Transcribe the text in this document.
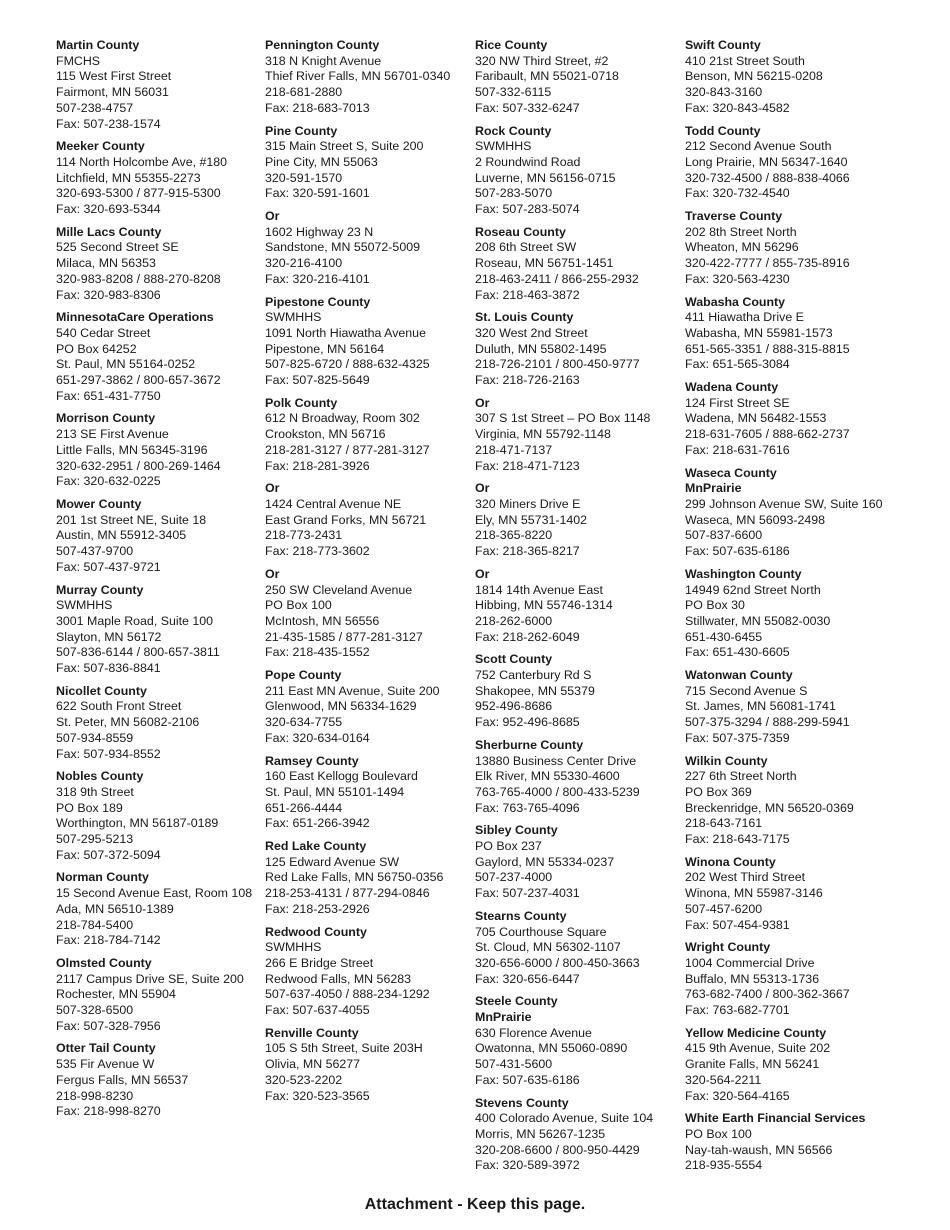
Martin County
FMCHS
115 West First Street
Fairmont, MN 56031
507-238-4757
Fax: 507-238-1574
Meeker County
114 North Holcombe Ave, #180
Litchfield, MN 55355-2273
320-693-5300 / 877-915-5300
Fax: 320-693-5344
Mille Lacs County
525 Second Street SE
Milaca, MN 56353
320-983-8208 / 888-270-8208
Fax: 320-983-8306
MinnesotaCare Operations
540 Cedar Street
PO Box 64252
St. Paul, MN 55164-0252
651-297-3862 / 800-657-3672
Fax: 651-431-7750
Morrison County
213 SE First Avenue
Little Falls, MN 56345-3196
320-632-2951 / 800-269-1464
Fax: 320-632-0225
Mower County
201 1st Street NE, Suite 18
Austin, MN 55912-3405
507-437-9700
Fax: 507-437-9721
Murray County
SWMHHS
3001 Maple Road, Suite 100
Slayton, MN 56172
507-836-6144 / 800-657-3811
Fax: 507-836-8841
Nicollet County
622 South Front Street
St. Peter, MN 56082-2106
507-934-8559
Fax: 507-934-8552
Nobles County
318 9th Street
PO Box 189
Worthington, MN 56187-0189
507-295-5213
Fax: 507-372-5094
Norman County
15 Second Avenue East, Room 108
Ada, MN 56510-1389
218-784-5400
Fax: 218-784-7142
Olmsted County
2117 Campus Drive SE, Suite 200
Rochester, MN 55904
507-328-6500
Fax: 507-328-7956
Otter Tail County
535 Fir Avenue W
Fergus Falls, MN 56537
218-998-8230
Fax: 218-998-8270
Pennington County
318 N Knight Avenue
Thief River Falls, MN 56701-0340
218-681-2880
Fax: 218-683-7013
Pine County
315 Main Street S, Suite 200
Pine City, MN 55063
320-591-1570
Fax: 320-591-1601
Or
1602 Highway 23 N
Sandstone, MN 55072-5009
320-216-4100
Fax: 320-216-4101
Pipestone County
SWMHHS
1091 North Hiawatha Avenue
Pipestone, MN 56164
507-825-6720 / 888-632-4325
Fax: 507-825-5649
Polk County
612 N Broadway, Room 302
Crookston, MN 56716
218-281-3127 / 877-281-3127
Fax: 218-281-3926
Or
1424 Central Avenue NE
East Grand Forks, MN 56721
218-773-2431
Fax: 218-773-3602
Or
250 SW Cleveland Avenue
PO Box 100
McIntosh, MN 56556
21-435-1585 / 877-281-3127
Fax: 218-435-1552
Pope County
211 East MN Avenue, Suite 200
Glenwood, MN 56334-1629
320-634-7755
Fax: 320-634-0164
Ramsey County
160 East Kellogg Boulevard
St. Paul, MN 55101-1494
651-266-4444
Fax: 651-266-3942
Red Lake County
125 Edward Avenue SW
Red Lake Falls, MN 56750-0356
218-253-4131 / 877-294-0846
Fax: 218-253-2926
Redwood County
SWMHHS
266 E Bridge Street
Redwood Falls, MN 56283
507-637-4050 / 888-234-1292
Fax: 507-637-4055
Renville County
105 S 5th Street, Suite 203H
Olivia, MN 56277
320-523-2202
Fax: 320-523-3565
Rice County
320 NW Third Street, #2
Faribault, MN 55021-0718
507-332-6115
Fax: 507-332-6247
Rock County
SWMHHS
2 Roundwind Road
Luverne, MN 56156-0715
507-283-5070
Fax: 507-283-5074
Roseau County
208 6th Street SW
Roseau, MN 56751-1451
218-463-2411 / 866-255-2932
Fax: 218-463-3872
St. Louis County
320 West 2nd Street
Duluth, MN 55802-1495
218-726-2101 / 800-450-9777
Fax: 218-726-2163
Or
307 S 1st Street – PO Box 1148
Virginia, MN 55792-1148
218-471-7137
Fax: 218-471-7123
Or
320 Miners Drive E
Ely, MN 55731-1402
218-365-8220
Fax: 218-365-8217
Or
1814 14th Avenue East
Hibbing, MN 55746-1314
218-262-6000
Fax: 218-262-6049
Scott County
752 Canterbury Rd S
Shakopee, MN 55379
952-496-8686
Fax: 952-496-8685
Sherburne County
13880 Business Center Drive
Elk River, MN 55330-4600
763-765-4000 / 800-433-5239
Fax: 763-765-4096
Sibley County
PO Box 237
Gaylord, MN 55334-0237
507-237-4000
Fax: 507-237-4031
Stearns County
705 Courthouse Square
St. Cloud, MN 56302-1107
320-656-6000 / 800-450-3663
Fax: 320-656-6447
Steele County
MnPrairie
630 Florence Avenue
Owatonna, MN 55060-0890
507-431-5600
Fax: 507-635-6186
Stevens County
400 Colorado Avenue, Suite 104
Morris, MN 56267-1235
320-208-6600 / 800-950-4429
Fax: 320-589-3972
Swift County
410 21st Street South
Benson, MN 56215-0208
320-843-3160
Fax: 320-843-4582
Todd County
212 Second Avenue South
Long Prairie, MN 56347-1640
320-732-4500 / 888-838-4066
Fax: 320-732-4540
Traverse County
202 8th Street North
Wheaton, MN 56296
320-422-7777 / 855-735-8916
Fax: 320-563-4230
Wabasha County
411 Hiawatha Drive E
Wabasha, MN 55981-1573
651-565-3351 / 888-315-8815
Fax: 651-565-3084
Wadena County
124 First Street SE
Wadena, MN 56482-1553
218-631-7605 / 888-662-2737
Fax: 218-631-7616
Waseca County
MnPrairie
299 Johnson Avenue SW, Suite 160
Waseca, MN 56093-2498
507-837-6600
Fax: 507-635-6186
Washington County
14949 62nd Street North
PO Box 30
Stillwater, MN 55082-0030
651-430-6455
Fax: 651-430-6605
Watonwan County
715 Second Avenue S
St. James, MN 56081-1741
507-375-3294 / 888-299-5941
Fax: 507-375-7359
Wilkin County
227 6th Street North
PO Box 369
Breckenridge, MN 56520-0369
218-643-7161
Fax: 218-643-7175
Winona County
202 West Third Street
Winona, MN 55987-3146
507-457-6200
Fax: 507-454-9381
Wright County
1004 Commercial Drive
Buffalo, MN 55313-1736
763-682-7400 / 800-362-3667
Fax: 763-682-7701
Yellow Medicine County
415 9th Avenue, Suite 202
Granite Falls, MN 56241
320-564-2211
Fax: 320-564-4165
White Earth Financial Services
PO Box 100
Nay-tah-waush, MN 56566
218-935-5554
Attachment - Keep this page.
